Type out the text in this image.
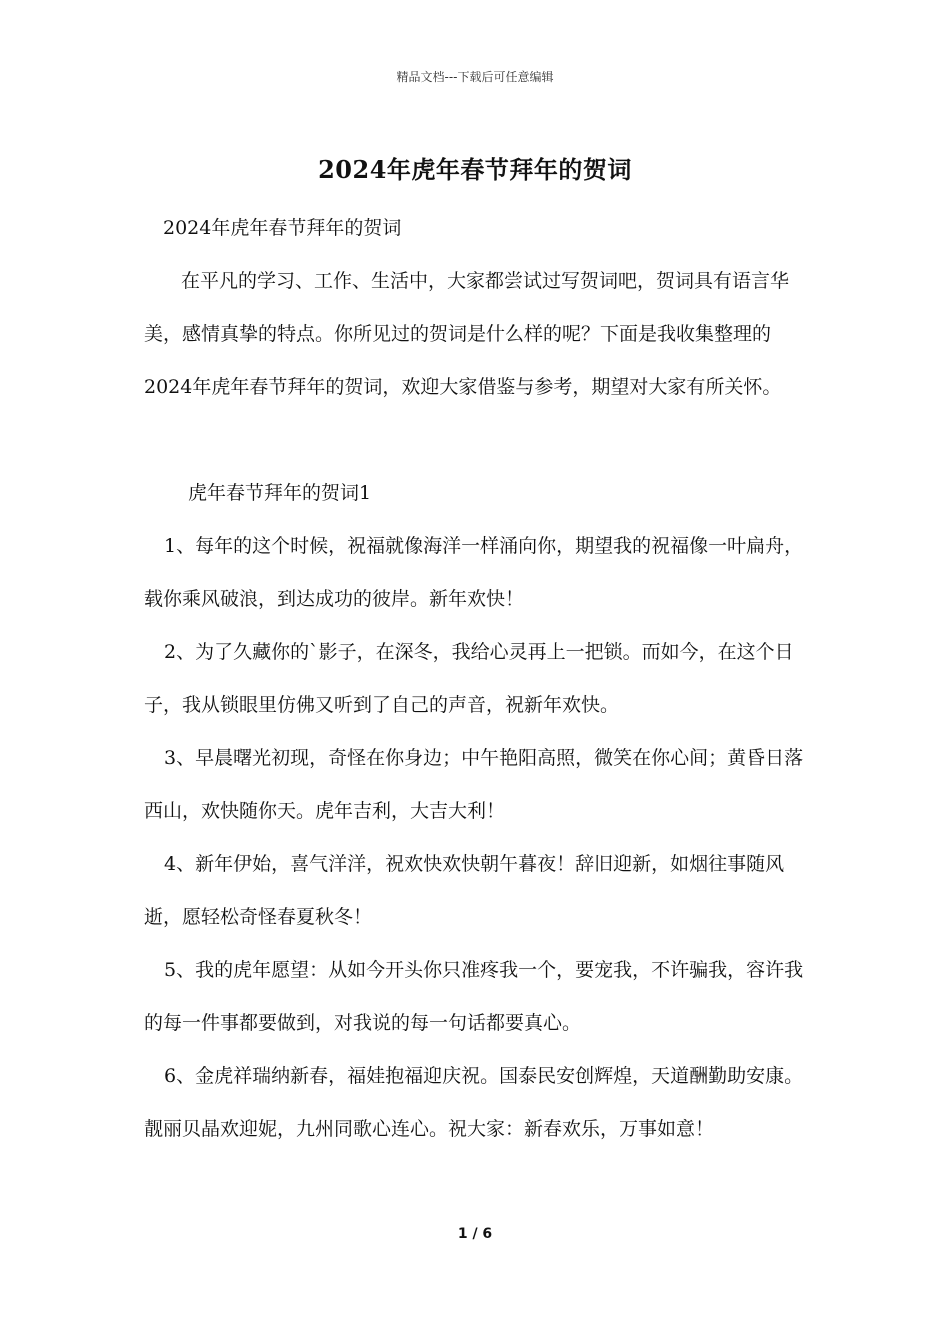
精品文档---下载后可任意编辑
2024年虎年春节拜年的贺词

2024年虎年春节拜年的贺词

在平凡的学习、工作、生活中，大家都尝试过写贺词吧，贺词具有语言华美，感情真挚的特点。你所见过的贺词是什么样的呢？下面是我收集整理的2024年虎年春节拜年的贺词，欢迎大家借鉴与参考，期望对大家有所关怀。

虎年春节拜年的贺词1

1、每年的这个时候，祝福就像海洋一样涌向你，期望我的祝福像一叶扁舟，载你乘风破浪，到达成功的彼岸。新年欢快！

2、为了久藏你的`影子，在深冬，我给心灵再上一把锁。而如今，在这个日子，我从锁眼里仿佛又听到了自己的声音，祝新年欢快。

3、早晨曙光初现，奇怪在你身边；中午艳阳高照，微笑在你心间；黄昏日落西山，欢快随你天。虎年吉利，大吉大利！

4、新年伊始，喜气洋洋，祝欢快欢快朝午暮夜！辞旧迎新，如烟往事随风逝，愿轻松奇怪春夏秋冬！

5、我的虎年愿望：从如今开头你只准疼我一个，要宠我，不许骗我，容许我的每一件事都要做到，对我说的每一句话都要真心。

6、金虎祥瑞纳新春，福娃抱福迎庆祝。国泰民安创辉煌，天道酬勤助安康。靓丽贝晶欢迎妮，九州同歌心连心。祝大家：新春欢乐，万事如意！

1 / 6
